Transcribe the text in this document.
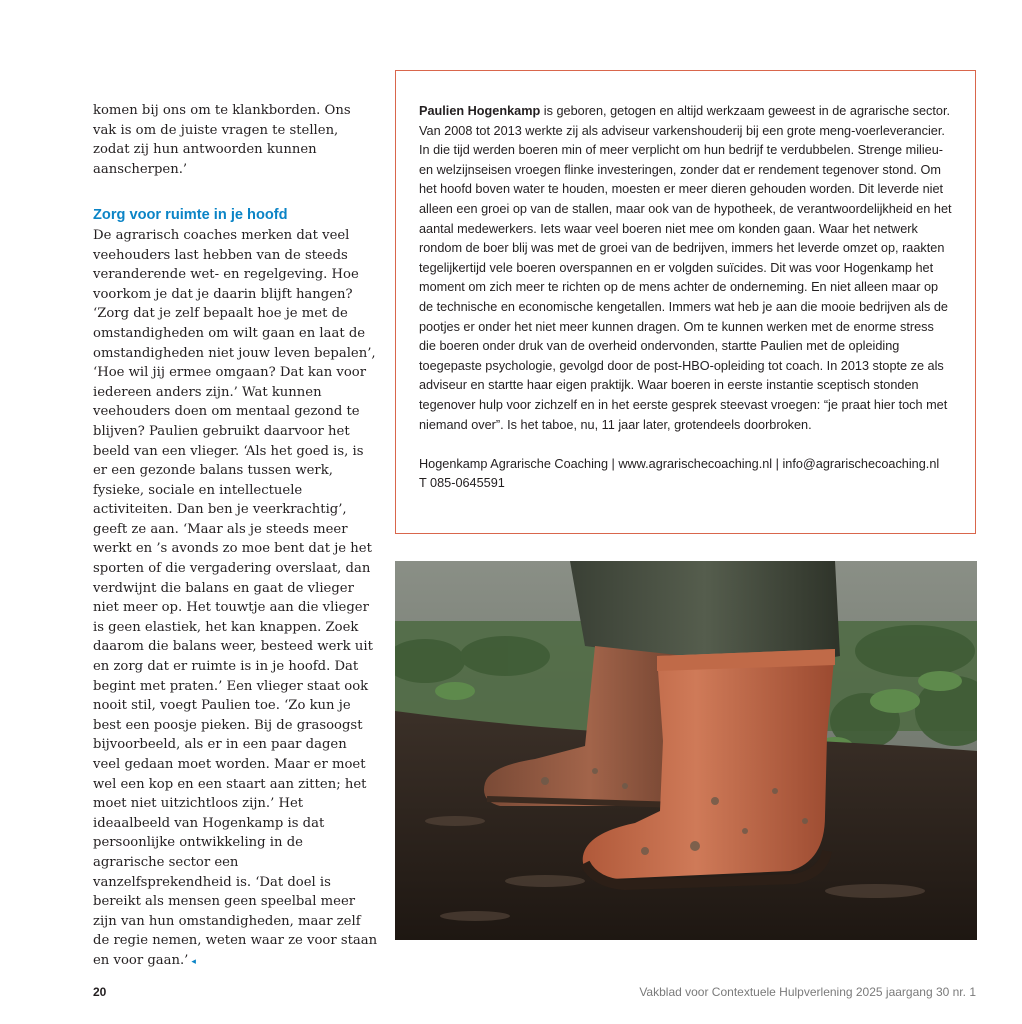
komen bij ons om te klankborden. Ons vak is om de juiste vragen te stellen, zodat zij hun antwoorden kunnen aanscherpen.’

Zorg voor ruimte in je hoofd

De agrarisch coaches merken dat veel veehouders last hebben van de steeds veranderende wet- en regelgeving. Hoe voorkom je dat je daarin blijft hangen? ‘Zorg dat je zelf bepaalt hoe je met de omstandigheden om wilt gaan en laat de omstandigheden niet jouw leven bepalen’, ‘Hoe wil jij ermee omgaan? Dat kan voor iedereen anders zijn.’ Wat kunnen veehouders doen om mentaal gezond te blijven? Paulien gebruikt daarvoor het beeld van een vlieger. ‘Als het goed is, is er een gezonde balans tussen werk, fysieke, sociale en intellectuele activiteiten. Dan ben je veerkrachtig’, geeft ze aan. ‘Maar als je steeds meer werkt en ’s avonds zo moe bent dat je het sporten of die vergadering overslaat, dan verdwijnt die balans en gaat de vlieger niet meer op. Het touwtje aan die vlieger is geen elastiek, het kan knappen. Zoek daarom die balans weer, besteed werk uit en zorg dat er ruimte is in je hoofd. Dat begint met praten.’ Een vlieger staat ook nooit stil, voegt Paulien toe. ‘Zo kun je best een poosje pieken. Bij de grasoogst bijvoorbeeld, als er in een paar dagen veel gedaan moet worden. Maar er moet wel een kop en een staart aan zitten; het moet niet uitzichtloos zijn.’ Het ideaalbeeld van Hogenkamp is dat persoonlijke ontwikkeling in de agrarische sector een vanzelfsprekendheid is. ‘Dat doel is bereikt als mensen geen speelbal meer zijn van hun omstandigheden, maar zelf de regie nemen, weten waar ze voor staan en voor gaan.’ ◂

Paulien Hogenkamp is geboren, getogen en altijd werkzaam geweest in de agrarische sector. Van 2008 tot 2013 werkte zij als adviseur varkenshouderij bij een grote meng-voerleverancier. In die tijd werden boeren min of meer verplicht om hun bedrijf te verdubbelen. Strenge milieu- en welzijnseisen vroegen flinke investeringen, zonder dat er rendement tegenover stond. Om het hoofd boven water te houden, moesten er meer dieren gehouden worden. Dit leverde niet alleen een groei op van de stallen, maar ook van de hypotheek, de verantwoordelijkheid en het aantal medewerkers. Iets waar veel boeren niet mee om konden gaan. Waar het netwerk rondom de boer blij was met de groei van de bedrijven, immers het leverde omzet op, raakten tegelijkertijd vele boeren overspannen en er volgden suïcides. Dit was voor Hogenkamp het moment om zich meer te richten op de mens achter de onderneming. En niet alleen maar op de technische en economische kengetallen. Immers wat heb je aan die mooie bedrijven als de pootjes er onder het niet meer kunnen dragen. Om te kunnen werken met de enorme stress die boeren onder druk van de overheid ondervonden, startte Paulien met de opleiding toegepaste psychologie, gevolgd door de post-HBO-opleiding tot coach. In 2013 stopte ze als adviseur en startte haar eigen praktijk. Waar boeren in eerste instantie sceptisch stonden tegenover hulp voor zichzelf en in het eerste gesprek steevast vroegen: “je praat hier toch met niemand over”. Is het taboe, nu, 11 jaar later, grotendeels doorbroken.

Hogenkamp Agrarische Coaching | www.agrarischecoaching.nl | info@agrarischecoaching.nl

T 085-0645591

20	Vakblad voor Contextuele Hulpverlening 2025 jaargang 30 nr. 1
